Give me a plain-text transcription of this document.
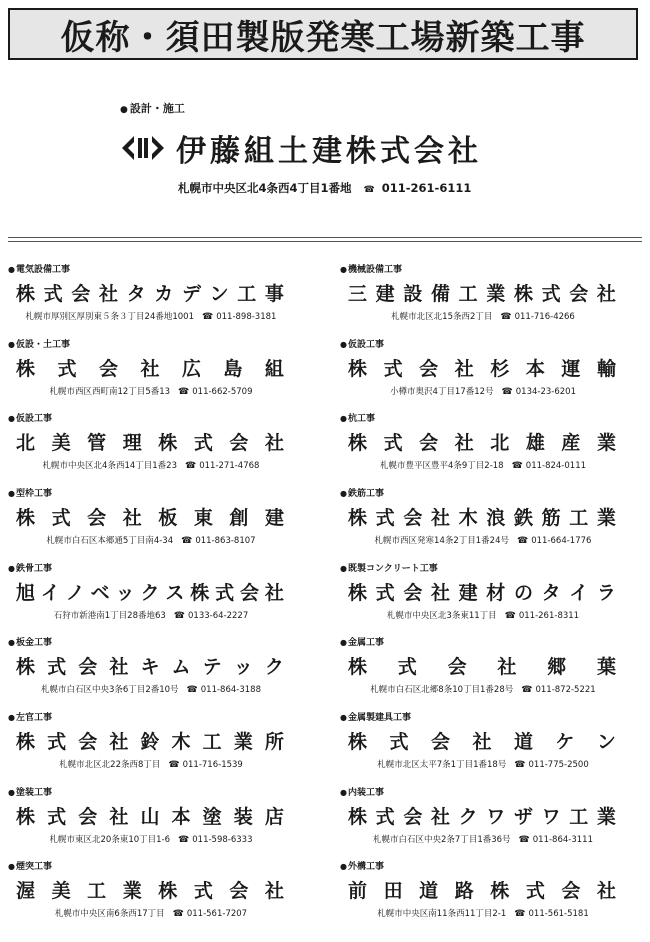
仮称・須田製版発寒工場新築工事
● 設計・施工
伊藤組土建株式会社
札幌市中央区北4条西4丁目1番地 ☎ 011-261-6111
● 電気設備工事
株 式 会 社 タ カ デ ン 工 事
札幌市厚別区厚別東５条３丁目24番地1001 ☎ 011-898-3181
● 機械設備工事
三 建 設 備 工 業 株 式 会 社
札幌市北区北15条西2丁目 ☎ 011-716-4266
● 仮設・土工事
株 式 会 社 広 島 組
札幌市西区西町南12丁目5番13 ☎ 011-662-5709
● 仮設工事
株 式 会 社 杉 本 運 輸
小樽市奥沢4丁目17番12号 ☎ 0134-23-6201
● 仮設工事
北 美 管 理 株 式 会 社
札幌市中央区北4条西14丁目1番23 ☎ 011-271-4768
● 杭工事
株 式 会 社 北 雄 産 業
札幌市豊平区豊平4条9丁目2-18 ☎ 011-824-0111
● 型枠工事
株 式 会 社 板 東 創 建
札幌市白石区本郷通5丁目南4-34 ☎ 011-863-8107
● 鉄筋工事
株 式 会 社 木 浪 鉄 筋 工 業
札幌市西区発寒14条2丁目1番24号 ☎ 011-664-1776
● 鉄骨工事
旭 イ ノ ベ ッ ク ス 株 式 会 社
石狩市新港南1丁目28番地63 ☎ 0133-64-2227
● 既製コンクリート工事
株 式 会 社 建 材 の タ イ ラ
札幌市中央区北3条東11丁目 ☎ 011-261-8311
● 板金工事
株 式 会 社 キ ム テ ッ ク
札幌市白石区中央3条6丁目2番10号 ☎ 011-864-3188
● 金属工事
株 式 会 社 郷 葉
札幌市白石区北郷8条10丁目1番28号 ☎ 011-872-5221
● 左官工事
株 式 会 社 鈴 木 工 業 所
札幌市北区北22条西8丁目 ☎ 011-716-1539
● 金属製建具工事
株 式 会 社 道 ケ ン
札幌市北区太平7条1丁目1番18号 ☎ 011-775-2500
● 塗装工事
株 式 会 社 山 本 塗 装 店
札幌市東区北20条東10丁目1-6 ☎ 011-598-6333
● 内装工事
株 式 会 社 ク ワ ザ ワ 工 業
札幌市白石区中央2条7丁目1番36号 ☎ 011-864-3111
● 煙突工事
渥 美 工 業 株 式 会 社
札幌市中央区南6条西17丁目 ☎ 011-561-7207
● 外構工事
前 田 道 路 株 式 会 社
札幌市中央区南11条西11丁目2-1 ☎ 011-561-5181
